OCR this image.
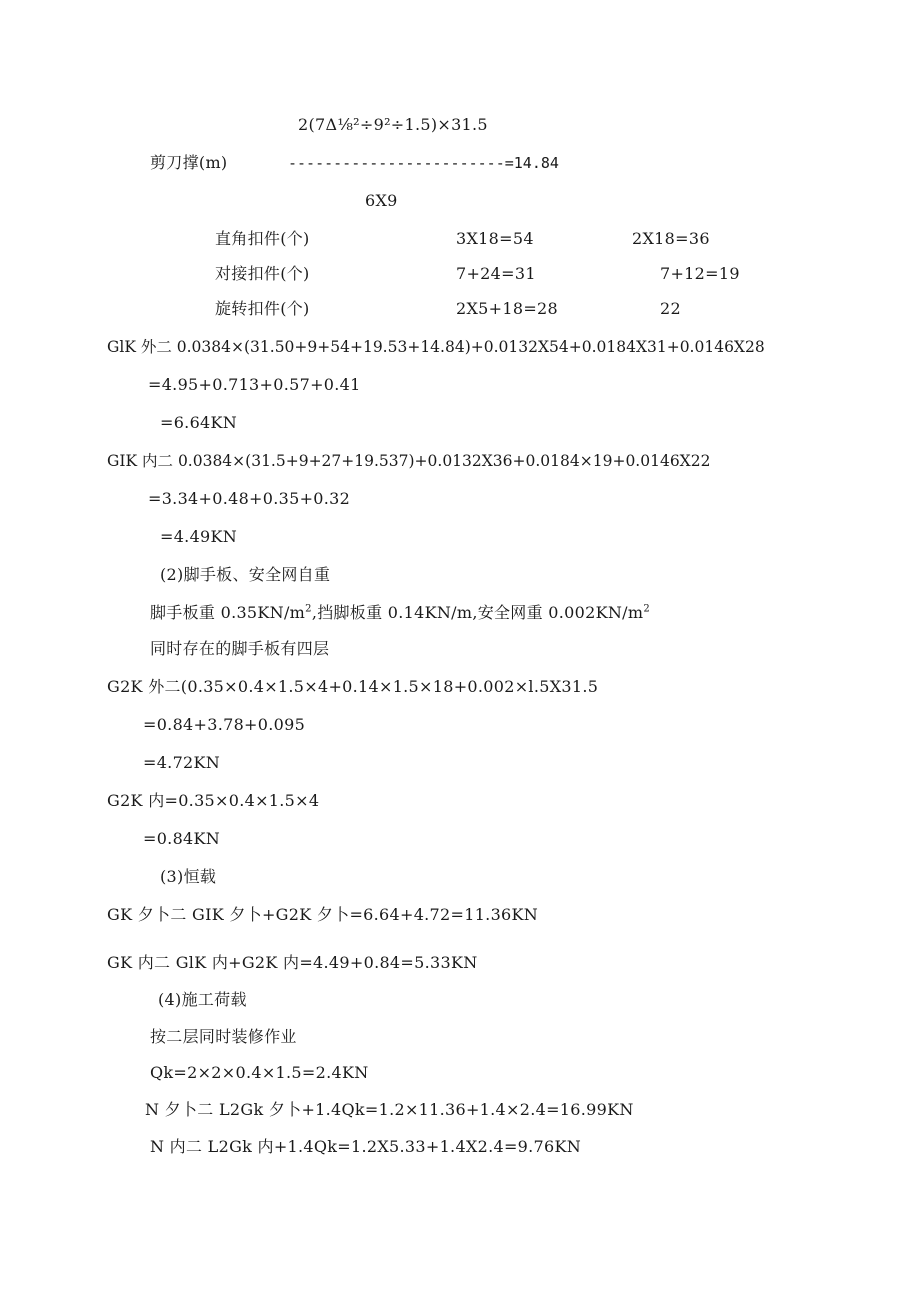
2(7Δ⅛²÷9²÷1.5)×31.5
剪刀撑(m)	------------------------=14.84
6X9
直角扣件(个)	3X18=54	2X18=36
对接扣件(个)	7+24=31	7+12=19
旋转扣件(个)	2X5+18=28	22
GlK 外二 0.0384×(31.50+9+54+19.53+14.84)+0.0132X54+0.0184X31+0.0146X28
=4.95+0.713+0.57+0.41
=6.64KN
GIK 内二 0.0384×(31.5+9+27+19.537)+0.0132X36+0.0184×19+0.0146X22
=3.34+0.48+0.35+0.32
=4.49KN
(2)脚手板、安全网自重
脚手板重 $0.35KN/m^2$,挡脚板重 0.14KN/m,安全网重 $0.002KN/m^2$
同时存在的脚手板有四层
G2K 外二(0.35×0.4×1.5×4+0.14×1.5×18+0.002×l.5X31.5
=0.84+3.78+0.095
=4.72KN
G2K 内=0.35×0.4×1.5×4
=0.84KN
(3)恒载
GK 夕卜二 GIK 夕卜+G2K 夕卜=6.64+4.72=11.36KN
GK 内二 GlK 内+G2K 内=4.49+0.84=5.33KN
(4)施工荷载
按二层同时装修作业
Qk=2×2×0.4×1.5=2.4KN
N 夕卜二 L2Gk 夕卜+1.4Qk=1.2×11.36+1.4×2.4=16.99KN
N 内二 L2Gk 内+1.4Qk=1.2X5.33+1.4X2.4=9.76KN
